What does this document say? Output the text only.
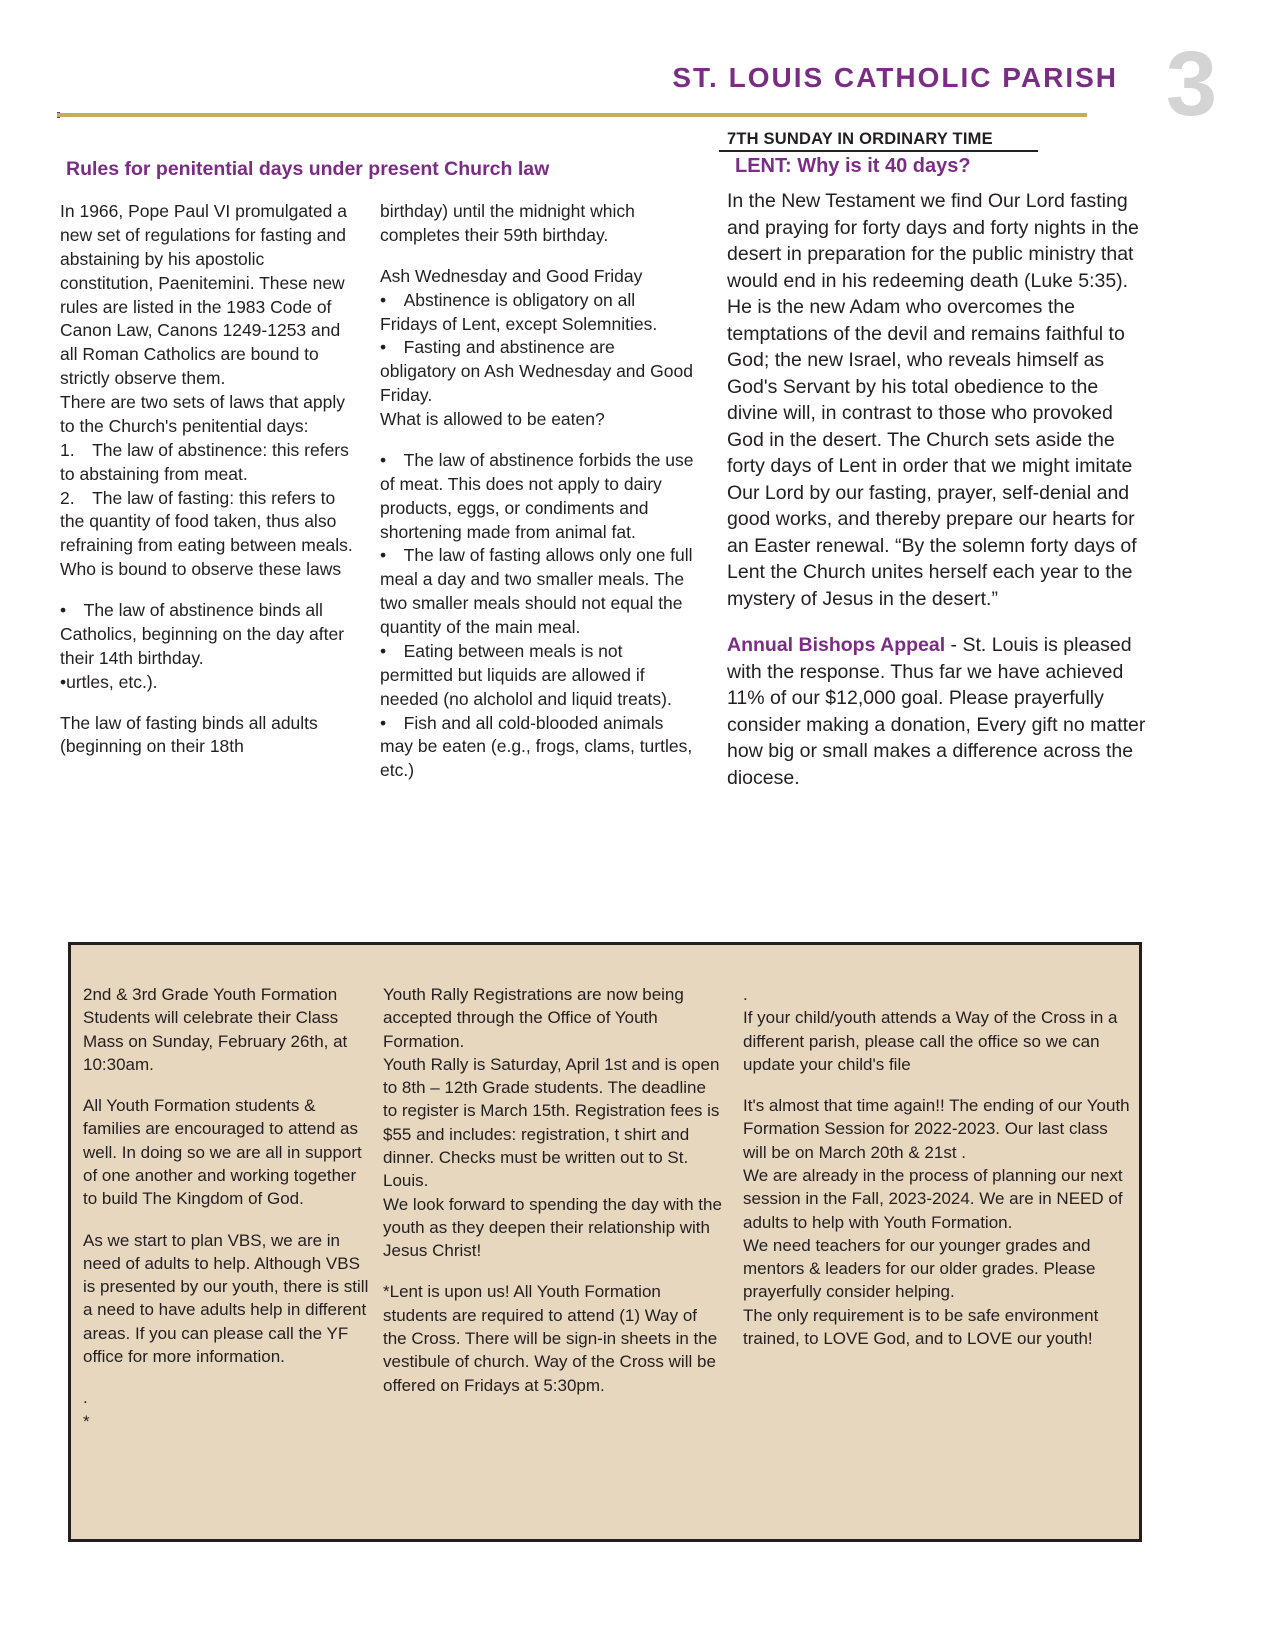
ST. LOUIS CATHOLIC PARISH 3
Rules for penitential days under present Church law

In 1966, Pope Paul VI promulgated a new set of regulations for fasting and abstaining by his apostolic constitution, Paenitemini. These new rules are listed in the 1983 Code of Canon Law, Canons 1249-1253 and all Roman Catholics are bound to strictly observe them.

There are two sets of laws that apply to the Church's penitential days:

1. The law of abstinence: this refers to abstaining from meat.

2. The law of fasting: this refers to the quantity of food taken, thus also refraining from eating between meals.

Who is bound to observe these laws

• The law of abstinence binds all Catholics, beginning on the day after their 14th birthday.

•urtles, etc.).

The law of fasting binds all adults (beginning on their 18th

birthday) until the midnight which completes their 59th birthday.

Ash Wednesday and Good Friday

• Abstinence is obligatory on all Fridays of Lent, except Solemnities.

• Fasting and abstinence are obligatory on Ash Wednesday and Good Friday.

What is allowed to be eaten?

• The law of abstinence forbids the use of meat. This does not apply to dairy products, eggs, or condiments and shortening made from animal fat.

• The law of fasting allows only one full meal a day and two smaller meals. The two smaller meals should not equal the quantity of the main meal.

• Eating between meals is not permitted but liquids are allowed if needed (no alcholol and liquid treats).

• Fish and all cold-blooded animals may be eaten (e.g., frogs, clams, turtles, etc.)

7TH SUNDAY IN ORDINARY TIME

LENT: Why is it 40 days?

In the New Testament we find Our Lord fasting and praying for forty days and forty nights in the desert in preparation for the public ministry that would end in his redeeming death (Luke 5:35). He is the new Adam who overcomes the temptations of the devil and remains faithful to God; the new Israel, who reveals himself as God's Servant by his total obedience to the divine will, in contrast to those who provoked God in the desert. The Church sets aside the forty days of Lent in order that we might imitate Our Lord by our fasting, prayer, self-denial and good works, and thereby prepare our hearts for an Easter renewal. “By the solemn forty days of Lent the Church unites herself each year to the mystery of Jesus in the desert.”

Annual Bishops Appeal - St. Louis is pleased with the response. Thus far we have achieved 11% of our $12,000 goal. Please prayerfully consider making a donation, Every gift no matter how big or small makes a difference across the diocese.

2nd & 3rd Grade Youth Formation Students will celebrate their Class Mass on Sunday, February 26th, at 10:30am.

All Youth Formation students & families are encouraged to attend as well. In doing so we are all in support of one another and working together to build The Kingdom of God.

As we start to plan VBS, we are in need of adults to help. Although VBS is presented by our youth, there is still a need to have adults help in different areas. If you can please call the YF office for more information.

.

*

Youth Rally Registrations are now being accepted through the Office of Youth Formation.

Youth Rally is Saturday, April 1st and is open to 8th – 12th Grade students. The deadline to register is March 15th. Registration fees is $55 and includes: registration, t shirt and dinner. Checks must be written out to St. Louis.

We look forward to spending the day with the youth as they deepen their relationship with Jesus Christ!

*Lent is upon us! All Youth Formation students are required to attend (1) Way of the Cross. There will be sign-in sheets in the vestibule of church. Way of the Cross will be offered on Fridays at 5:30pm.

.

If your child/youth attends a Way of the Cross in a different parish, please call the office so we can update your child's file

It's almost that time again!! The ending of our Youth Formation Session for 2022-2023. Our last class will be on March 20th & 21st .

We are already in the process of planning our next session in the Fall, 2023-2024. We are in NEED of adults to help with Youth Formation.

We need teachers for our younger grades and mentors & leaders for our older grades. Please prayerfully consider helping.

The only requirement is to be safe environment trained, to LOVE God, and to LOVE our youth!
